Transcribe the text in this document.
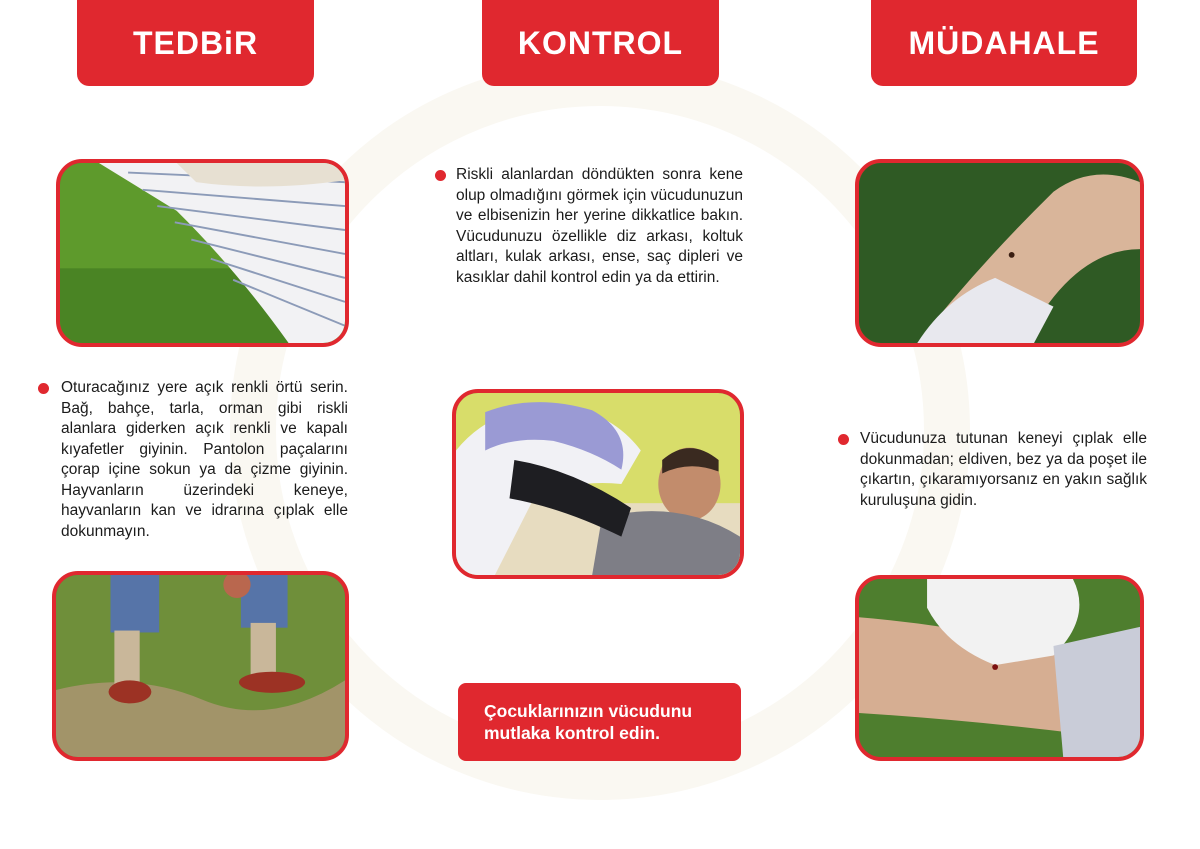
TEDBiR	KONTROL	MÜDAHALE
Oturacağınız yere açık renkli örtü serin. Bağ, bahçe, tarla, orman gibi riskli alanlara giderken açık renkli ve kapalı kıyafetler giyinin. Pantolon paçalarını çorap içine sokun ya da çizme giyinin. Hayvanların üzerindeki keneye, hayvanların kan ve idrarına çıplak elle dokunmayın.
Riskli alanlardan döndükten sonra kene olup olmadığını görmek için vücudunuzun ve elbisenizin her yerine dikkatlice bakın. Vücudunuzu özellikle diz arkası, koltuk altları, kulak arkası, ense, saç dipleri ve kasıklar dahil kontrol edin ya da ettirin.
Çocuklarınızın vücudunu mutlaka kontrol edin.
Vücudunuza tutunan keneyi çıplak elle dokunmadan; eldiven, bez ya da poşet ile çıkartın, çıkaramıyorsanız en yakın sağlık kuruluşuna gidin.
